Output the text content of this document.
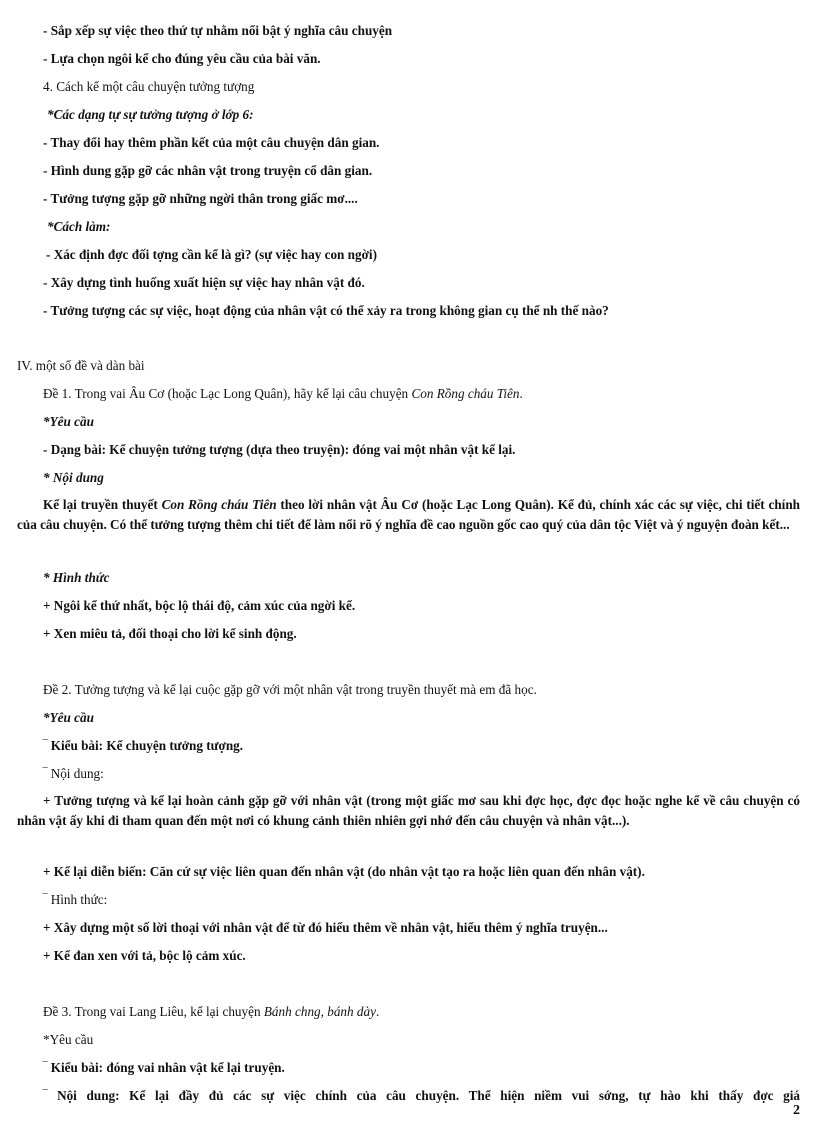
- Sắp xếp sự việc theo thứ tự nhằm nổi bật ý nghĩa câu chuyện
- Lựa chọn ngôi kể cho đúng yêu cầu của bài văn.
4. Cách kể một câu chuyện tưởng tượng
*Các dạng tự sự tưởng tượng ở lớp 6:
- Thay đổi hay thêm phần kết của một câu chuyện dân gian.
- Hình dung gặp gỡ các nhân vật trong truyện cổ dân gian.
- Tưởng tượng gặp gỡ những ngời thân trong giấc mơ....
*Cách làm:
- Xác định đợc đối tợng cần kể là gì? (sự việc hay con ngời)
- Xây dựng tình huống xuất hiện sự việc hay nhân vật đó.
- Tưởng tượng các sự việc, hoạt động của nhân vật có thể xảy ra trong không gian cụ thể nh thế nào?
IV. một số đề và dàn bài
Đề 1. Trong vai Âu Cơ (hoặc Lạc Long Quân), hãy kể lại câu chuyện Con Rồng cháu Tiên.
*Yêu cầu
- Dạng bài: Kể chuyện tưởng tượng (dựa theo truyện): đóng vai một nhân vật kể lại.
* Nội dung
Kể lại truyền thuyết Con Rồng cháu Tiên theo lời nhân vật Âu Cơ (hoặc Lạc Long Quân). Kể đủ, chính xác các sự việc, chi tiết chính của câu chuyện. Có thể tưởng tượng thêm chi tiết để làm nổi rõ ý nghĩa đề cao nguồn gốc cao quý của dân tộc Việt và ý nguyện đoàn kết...
* Hình thức
+ Ngôi kể thứ nhất, bộc lộ thái độ, cảm xúc của ngời kể.
+ Xen miêu tả, đối thoại cho lời kể sinh động.
Đề 2. Tưởng tượng và kể lại cuộc gặp gỡ với một nhân vật trong truyền thuyết mà em đã học.
*Yêu cầu
‾ Kiểu bài: Kể chuyện tưởng tượng.
‾ Nội dung:
+ Tưởng tượng và kể lại hoàn cảnh gặp gỡ với nhân vật (trong một giấc mơ sau khi đợc học, đợc đọc hoặc nghe kể về câu chuyện có nhân vật ấy khi đi tham quan đến một nơi có khung cảnh thiên nhiên gợi nhớ đến câu chuyện và nhân vật...).
+ Kể lại diễn biến: Căn cứ sự việc liên quan đến nhân vật (do nhân vật tạo ra hoặc liên quan đến nhân vật).
‾ Hình thức:
+ Xây dựng một số lời thoại với nhân vật để từ đó hiểu thêm về nhân vật, hiểu thêm ý nghĩa truyện...
+ Kể đan xen với tả, bộc lộ cảm xúc.
Đề 3. Trong vai Lang Liêu, kể lại chuyện Bánh chng, bánh dày.
*Yêu cầu
‾ Kiểu bài: đóng vai nhân vật kể lại truyện.
‾ Nội dung: Kể lại đầy đủ các sự việc chính của câu chuyện. Thể hiện niềm vui sớng, tự hào khi thấy đợc giá
2
